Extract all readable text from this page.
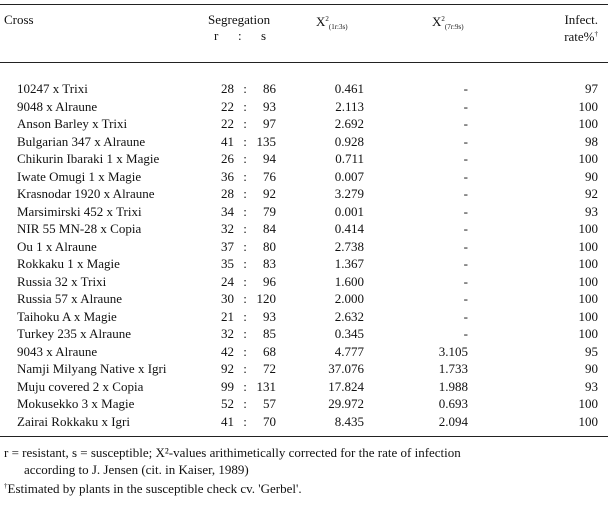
Cross	Segregation
r : s
$X^2_{(1r:3s)}$	$X^2_{(7r:9s)}$	Infect.
rate%†
10247 x Trixi	28 :	86	0.461	-	97
9048 x Alraune	22 :	93	2.113	-	100
Anson Barley x Trixi	22 :	97	2.692	-	100
Bulgarian 347 x Alraune	41 : 135	0.928	-	98
Chikurin Ibaraki 1 x Magie	26 :	94	0.711	-	100
Iwate Omugi 1 x Magie	36 :	76	0.007	-	90
Krasnodar 1920 x Alraune	28 :	92	3.279	-	92
Marsimirski 452 x Trixi	34 :	79	0.001	-	93
NIR 55 MN-28 x Copia	32 :	84	0.414	-	100
Ou 1 x Alraune	37 :	80	2.738	-	100
Rokkaku 1 x Magie	35 :	83	1.367	-	100
Russia 32 x Trixi	24 :	96	1.600	-	100
Russia 57 x Alraune	30 : 120	2.000	-	100
Taihoku A x Magie	21 :	93	2.632	-	100
Turkey 235 x Alraune	32 :	85	0.345	-	100
9043 x Alraune	42 :	68	4.777	3.105	95
Namji Milyang Native x Igri	92 :	72	37.076	1.733	90
Muju covered 2 x Copia	99 : 131	17.824	1.988	93
Mokusekko 3 x Magie	52 :	57	29.972	0.693	100
Zairai Rokkaku x Igri	41 :	70	8.435	2.094	100
r = resistant, s = susceptible; X²-values arithimetically corrected for the rate of infection
according to J. Jensen (cit. in Kaiser, 1989)
†Estimated by plants in the susceptible check cv. 'Gerbel'.
